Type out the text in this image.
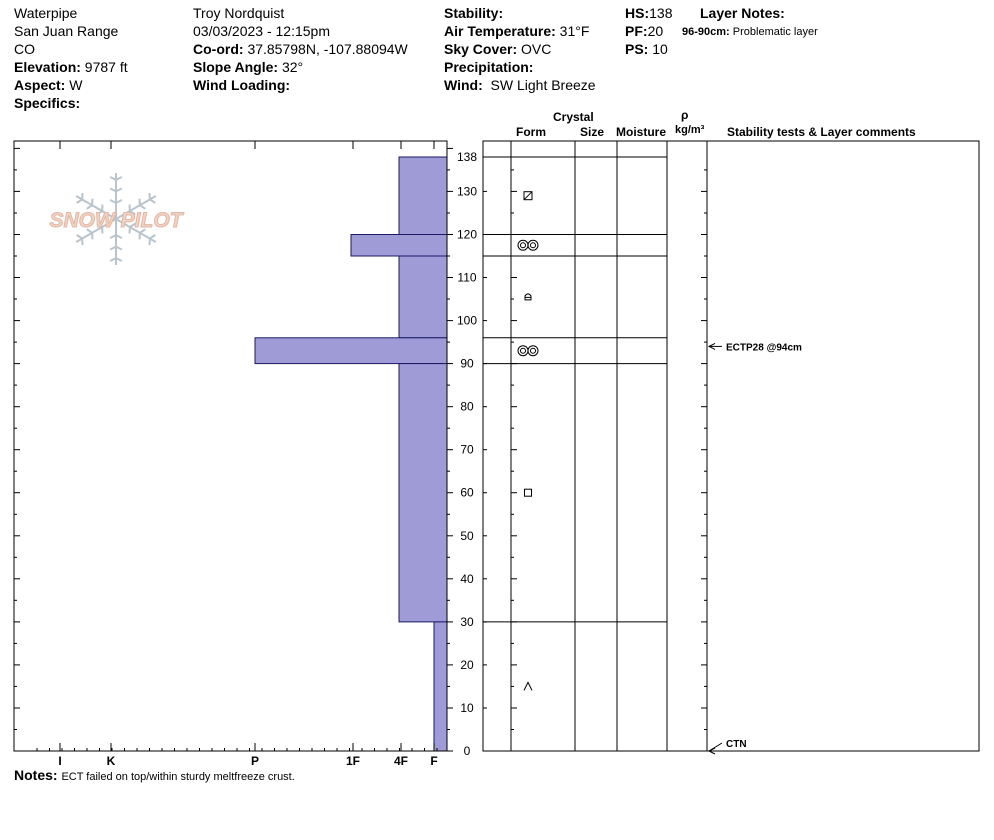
Waterpipe
San Juan Range
CO
Elevation: 9787 ft
Aspect: W
Specifics:
Troy Nordquist
03/03/2023 - 12:15pm
Co-ord: 37.85798N, -107.88094W
Slope Angle: 32°
Wind Loading:
Stability:
Air Temperature: 31°F
Sky Cover: OVC
Precipitation:
Wind: SW Light Breeze
HS:138
PF:20
PS: 10
Layer Notes:
96-90cm: Problematic layer
Crystal
Form	Size Moisture
ρ
kg/m³ Stability tests & Layer comments
Notes: ECT failed on top/within sturdy meltfreeze crust.
SNOW PILOT
0
10
20
30
40
50
60
70
80
90
100
110
120
130
138
I	K	P	1F	4F F
ECTP28 @94cm
CTN
